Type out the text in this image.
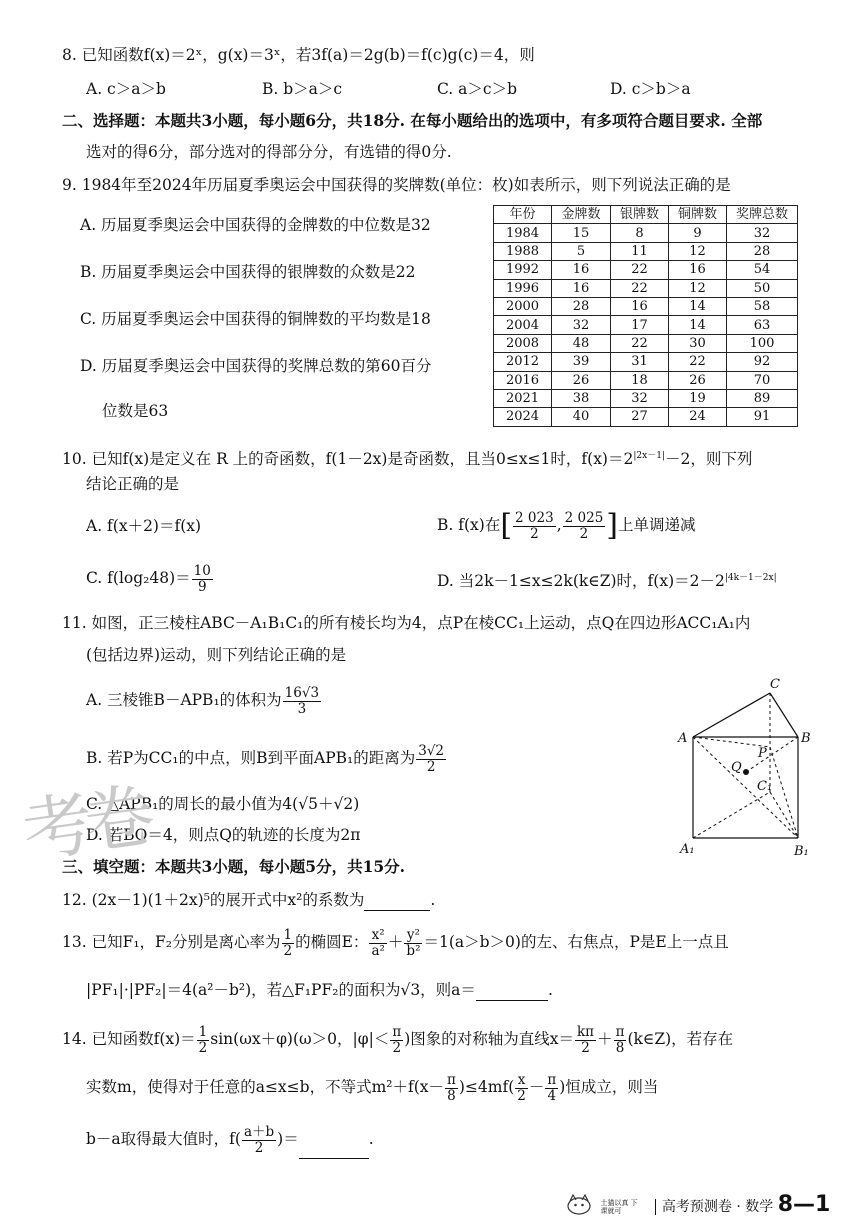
8. 已知函数f(x)＝2ˣ，g(x)＝3ˣ，若3f(a)＝2g(b)＝f(c)g(c)＝4，则
A. c＞a＞b	B. b＞a＞c	C. a＞c＞b	D. c＞b＞a
二、选择题：本题共3小题，每小题6分，共18分. 在每小题给出的选项中，有多项符合题目要求. 全部
选对的得6分，部分选对的得部分分，有选错的得0分.
9. 1984年至2024年历届夏季奥运会中国获得的奖牌数(单位：枚)如表所示，则下列说法正确的是
A. 历届夏季奥运会中国获得的金牌数的中位数是32
B. 历届夏季奥运会中国获得的银牌数的众数是22
C. 历届夏季奥运会中国获得的铜牌数的平均数是18
D. 历届夏季奥运会中国获得的奖牌总数的第60百分
位数是63
年份	金牌数	银牌数	铜牌数	奖牌总数
1984	15	8	9	32
1988	5	11	12	28
1992	16	22	16	54
1996	16	22	12	50
2000	28	16	14	58
2004	32	17	14	63
2008	48	22	30	100
2012	39	31	22	92
2016	26	18	26	70
2021	38	32	19	89
2024	40	27	24	91
10. 已知f(x)是定义在 R 上的奇函数，f(1－2x)是奇函数，且当0≤x≤1时，$f(x)=2^{|2x-1|}-2$，则下列
结论正确的是
A. f(x＋2)＝f(x)	B. f(x)在[ $\frac{2 023}{2}$ , $\frac{2 025}{2}$ ]上单调递减
C. $f(\log_248)= \frac{10}{9}$	D. 当2k－1≤x≤2k(k∈Z)时，$f(x)=2-2^{|4k-1-2x|}$
11. 如图，正三棱柱ABC－A₁B₁C₁的所有棱长均为4，点P在棱CC₁上运动，点Q在四边形ACC₁A₁内
(包括边界)运动，则下列结论正确的是
A. 三棱锥B－APB₁的体积为 $\frac{16√3}{3}$
B. 若P为CC₁的中点，则B到平面APB₁的距离为 $\frac{3√2}{2}$
C. △APB₁的周长的最小值为4(√5＋√2)
D. 若BQ＝4，则点Q的轨迹的长度为2π
C
A	B
P
Q
C₁
A₁	B₁
考卷
三、填空题：本题共3小题，每小题5分，共15分.
12. (2x－1)(1＋2x)⁵的展开式中x²的系数为	.
13. 已知F₁，F₂分别是离心率为 $\frac{1}{2}$ 的椭圆E： $\frac{\text{x²}}{\text{a²}} + \frac{\text{y²}}{\text{b²}} =1(a>b>0)$的左、右焦点，P是E上一点且
|PF₁|·|PF₂|＝4(a²－b²)，若△F₁PF₂的面积为√3，则a＝	.
14. 已知函数$f(x)= \frac{1}{2} \sin(\omega x+\varphi)(\omega>0$，$|\varphi|< \frac{\pi}{2}$ )图象的对称轴为直线$x= \frac{k\pi}{2} + \frac{\pi}{8}$ (k∈Z)，若存在
实数m，使得对于任意的a≤x≤b，不等式$m^2+f(x- \frac{\pi}{8} )\le 4mf( \frac{x}{2} - \frac{\pi}{4}$ )恒成立，则当
b－a取得最大值时，$f( \frac{a+b}{2}$ )＝	.
土猫以真 下课就可	高考预测卷 · 数学 8—1
